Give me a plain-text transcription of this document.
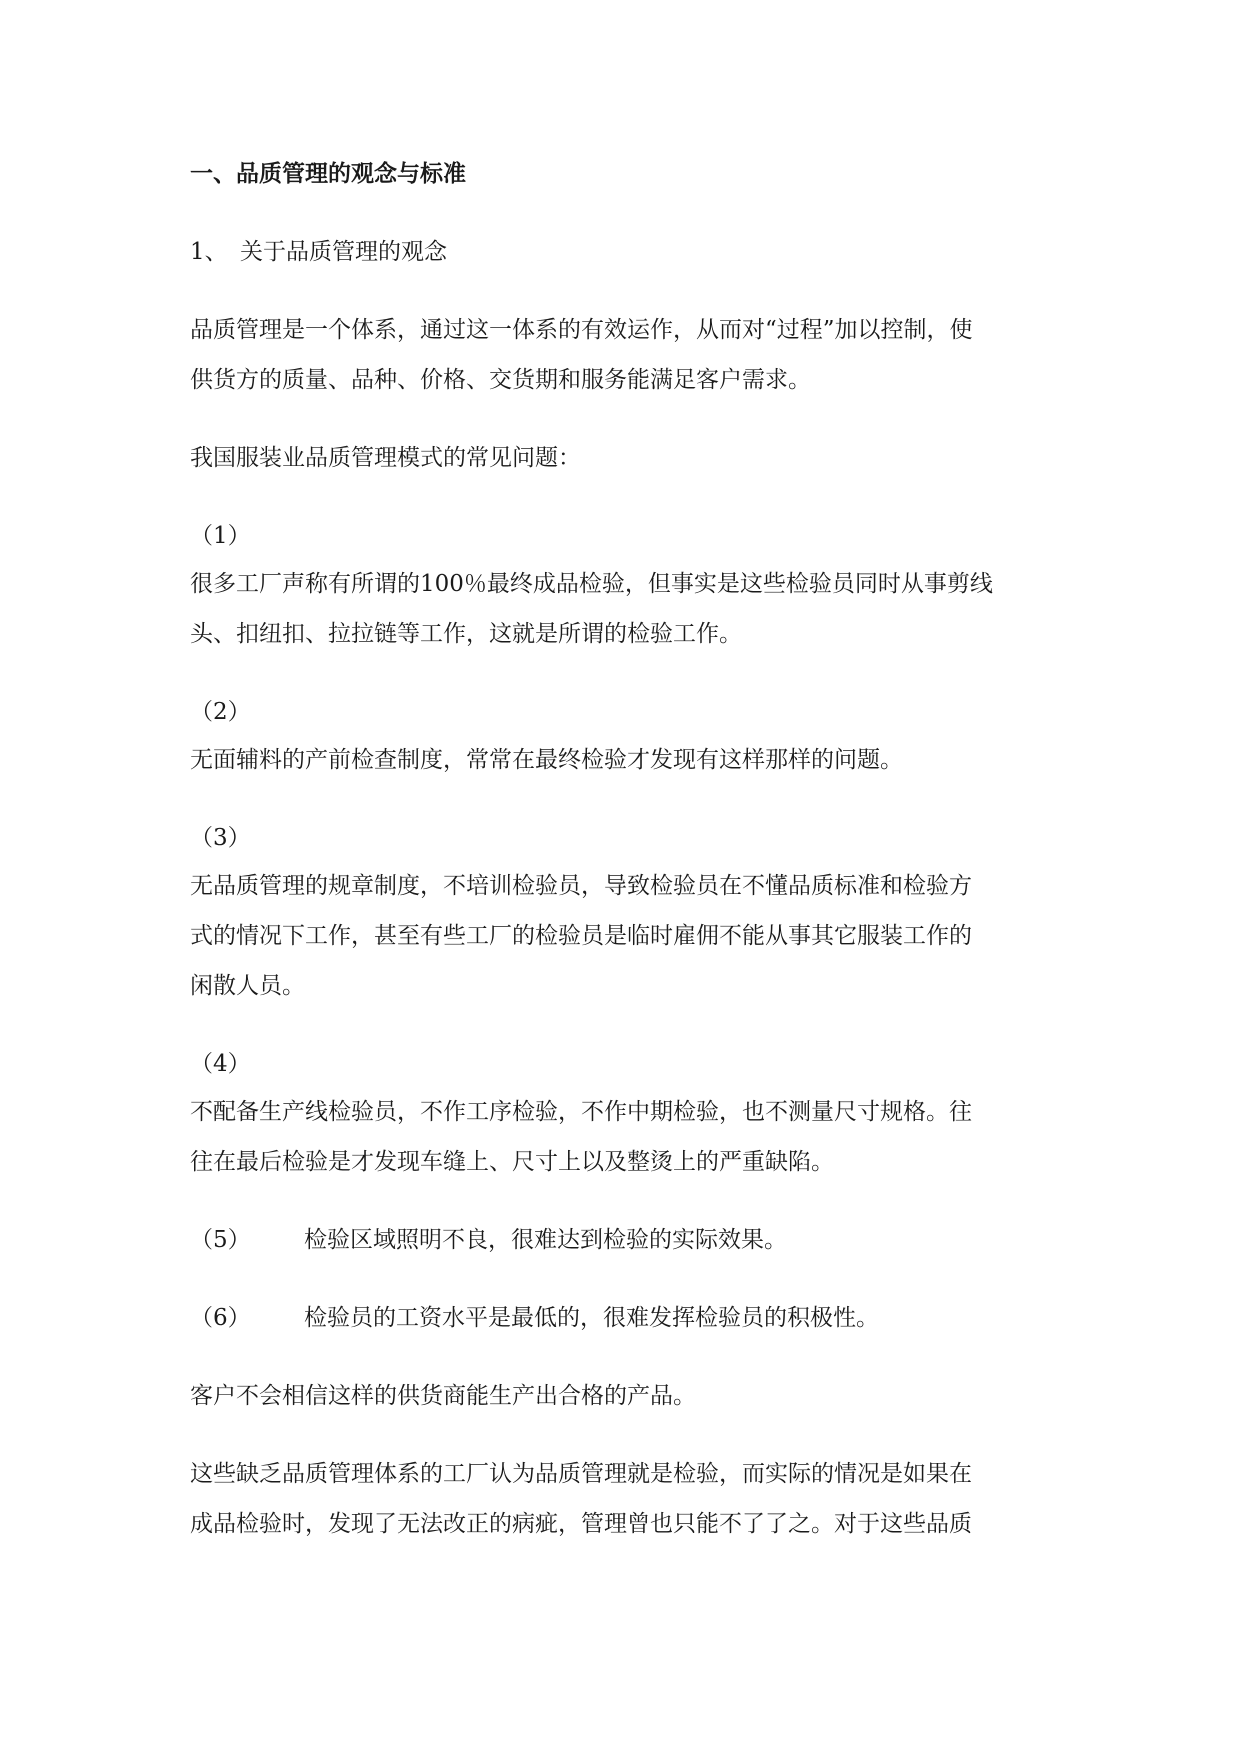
一、品质管理的观念与标准
1、 关于品质管理的观念
品质管理是一个体系，通过这一体系的有效运作，从而对“过程”加以控制，使
供货方的质量、品种、价格、交货期和服务能满足客户需求。
我国服装业品质管理模式的常见问题：
（1）
很多工厂声称有所谓的100％最终成品检验，但事实是这些检验员同时从事剪线
头、扣纽扣、拉拉链等工作，这就是所谓的检验工作。
（2）
无面辅料的产前检查制度，常常在最终检验才发现有这样那样的问题。
（3）
无品质管理的规章制度，不培训检验员，导致检验员在不懂品质标准和检验方
式的情况下工作，甚至有些工厂的检验员是临时雇佣不能从事其它服装工作的
闲散人员。
（4）
不配备生产线检验员，不作工序检验，不作中期检验，也不测量尺寸规格。往
往在最后检验是才发现车缝上、尺寸上以及整烫上的严重缺陷。
（5） 检验区域照明不良，很难达到检验的实际效果。
（6） 检验员的工资水平是最低的，很难发挥检验员的积极性。
客户不会相信这样的供货商能生产出合格的产品。
这些缺乏品质管理体系的工厂认为品质管理就是检验，而实际的情况是如果在
成品检验时，发现了无法改正的病疵，管理曾也只能不了了之。对于这些品质
